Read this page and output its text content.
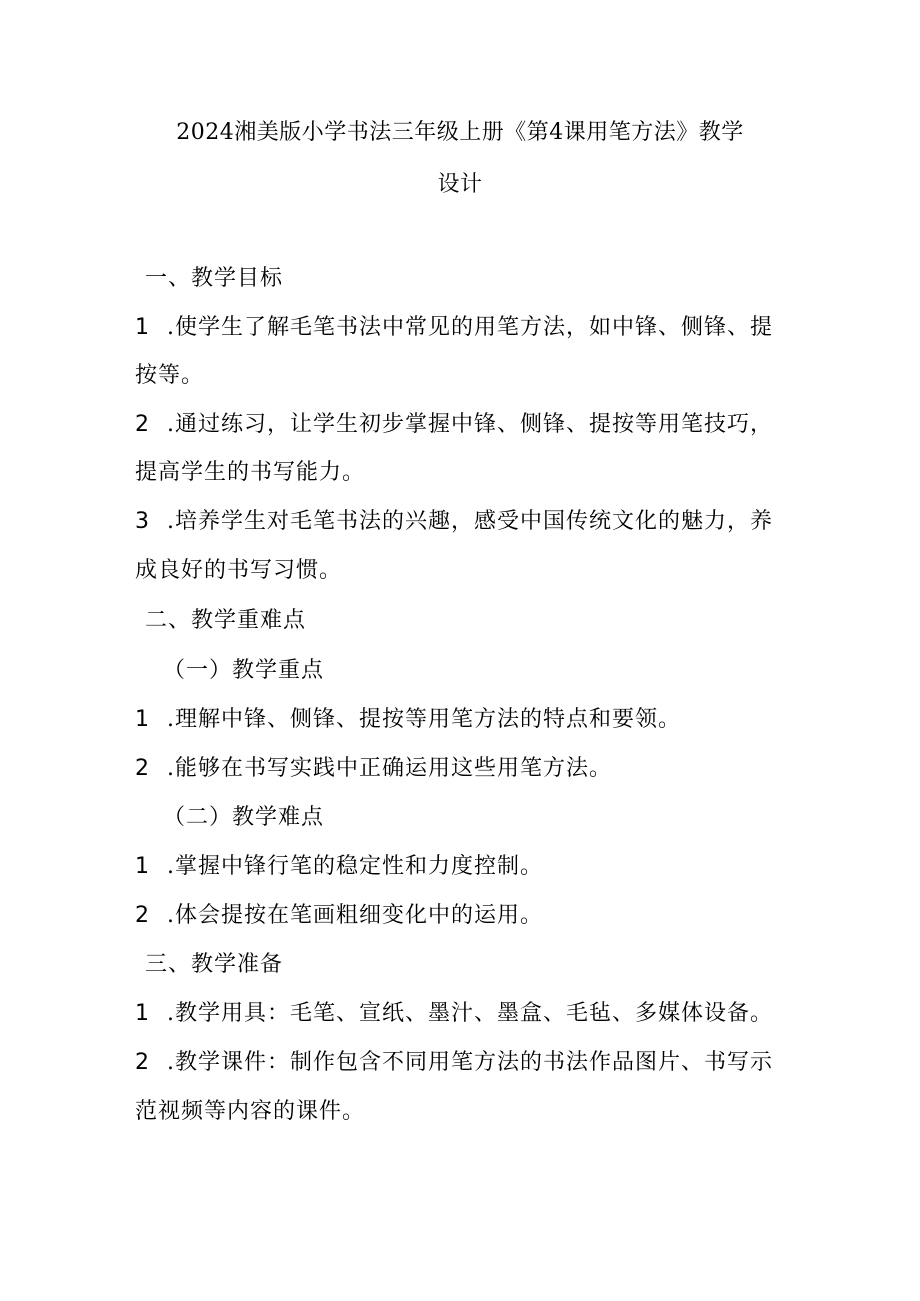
2024湘美版小学书法三年级上册《第4课用笔方法》教学
设计
一、教学目标
1 .使学生了解毛笔书法中常见的用笔方法，如中锋、侧锋、提
按等。
2 .通过练习，让学生初步掌握中锋、侧锋、提按等用笔技巧，
提高学生的书写能力。
3 .培养学生对毛笔书法的兴趣，感受中国传统文化的魅力，养
成良好的书写习惯。
二、教学重难点
（一）教学重点
1 .理解中锋、侧锋、提按等用笔方法的特点和要领。
2 .能够在书写实践中正确运用这些用笔方法。
（二）教学难点
1 .掌握中锋行笔的稳定性和力度控制。
2 .体会提按在笔画粗细变化中的运用。
三、教学准备
1 .教学用具：毛笔、宣纸、墨汁、墨盒、毛毡、多媒体设备。
2 .教学课件：制作包含不同用笔方法的书法作品图片、书写示
范视频等内容的课件。
